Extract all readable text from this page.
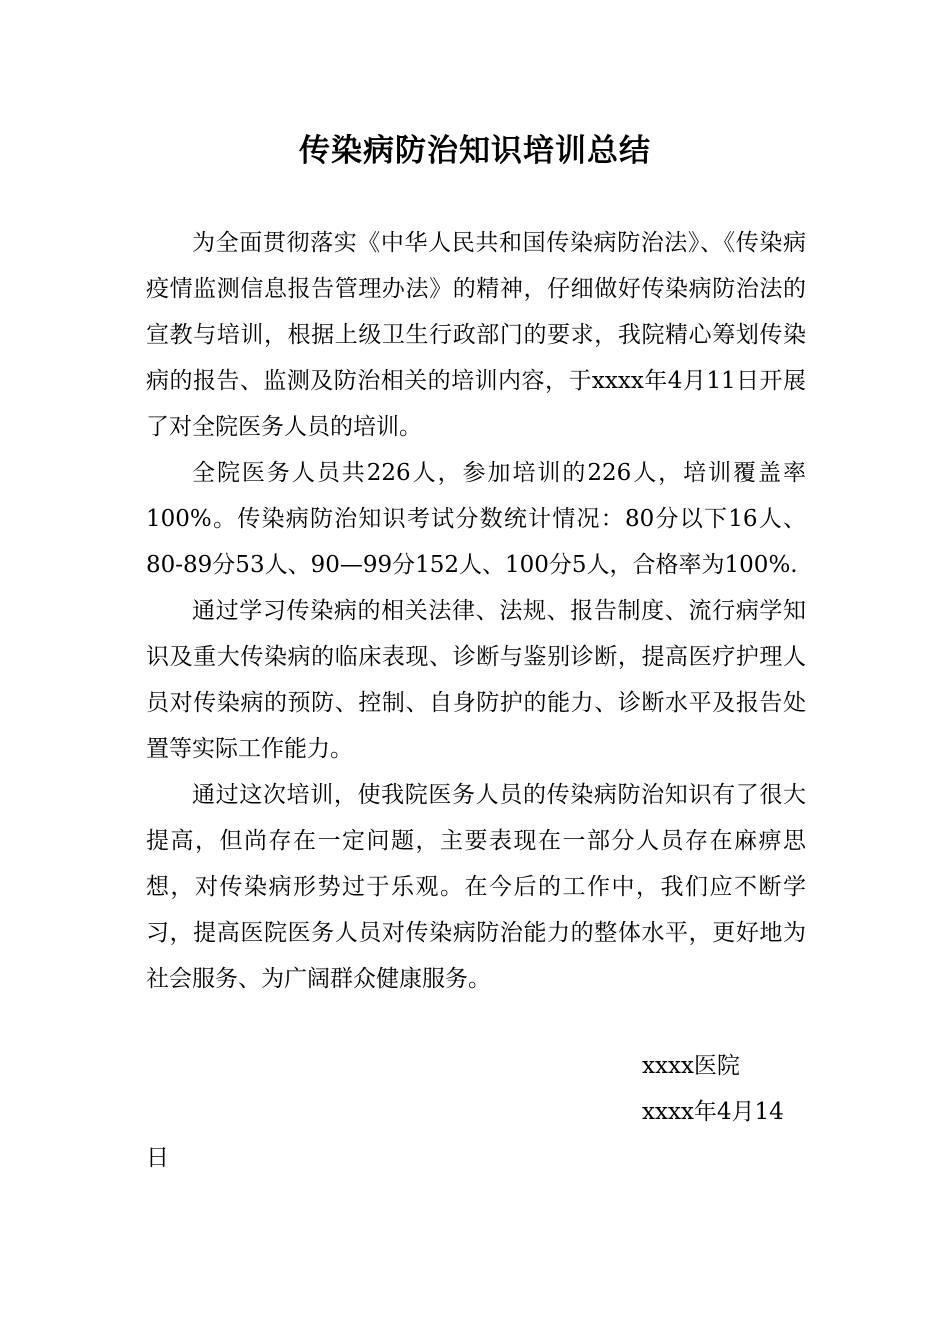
传染病防治知识培训总结

为全面贯彻落实《中华人民共和国传染病防治法》、《传染病疫情监测信息报告管理办法》的精神，仔细做好传染病防治法的宣教与培训，根据上级卫生行政部门的要求，我院精心筹划传染病的报告、监测及防治相关的培训内容，于xxxx年4月11日开展了对全院医务人员的培训。

全院医务人员共226人，参加培训的226人，培训覆盖率100%。传染病防治知识考试分数统计情况：80分以下16人、80-89分53人、90—99分152人、100分5人，合格率为100%.

通过学习传染病的相关法律、法规、报告制度、流行病学知识及重大传染病的临床表现、诊断与鉴别诊断，提高医疗护理人员对传染病的预防、控制、自身防护的能力、诊断水平及报告处置等实际工作能力。

通过这次培训，使我院医务人员的传染病防治知识有了很大提高，但尚存在一定问题，主要表现在一部分人员存在麻痹思想，对传染病形势过于乐观。在今后的工作中，我们应不断学习，提高医院医务人员对传染病防治能力的整体水平，更好地为社会服务、为广阔群众健康服务。

xxxx医院
xxxx年4月14
日
